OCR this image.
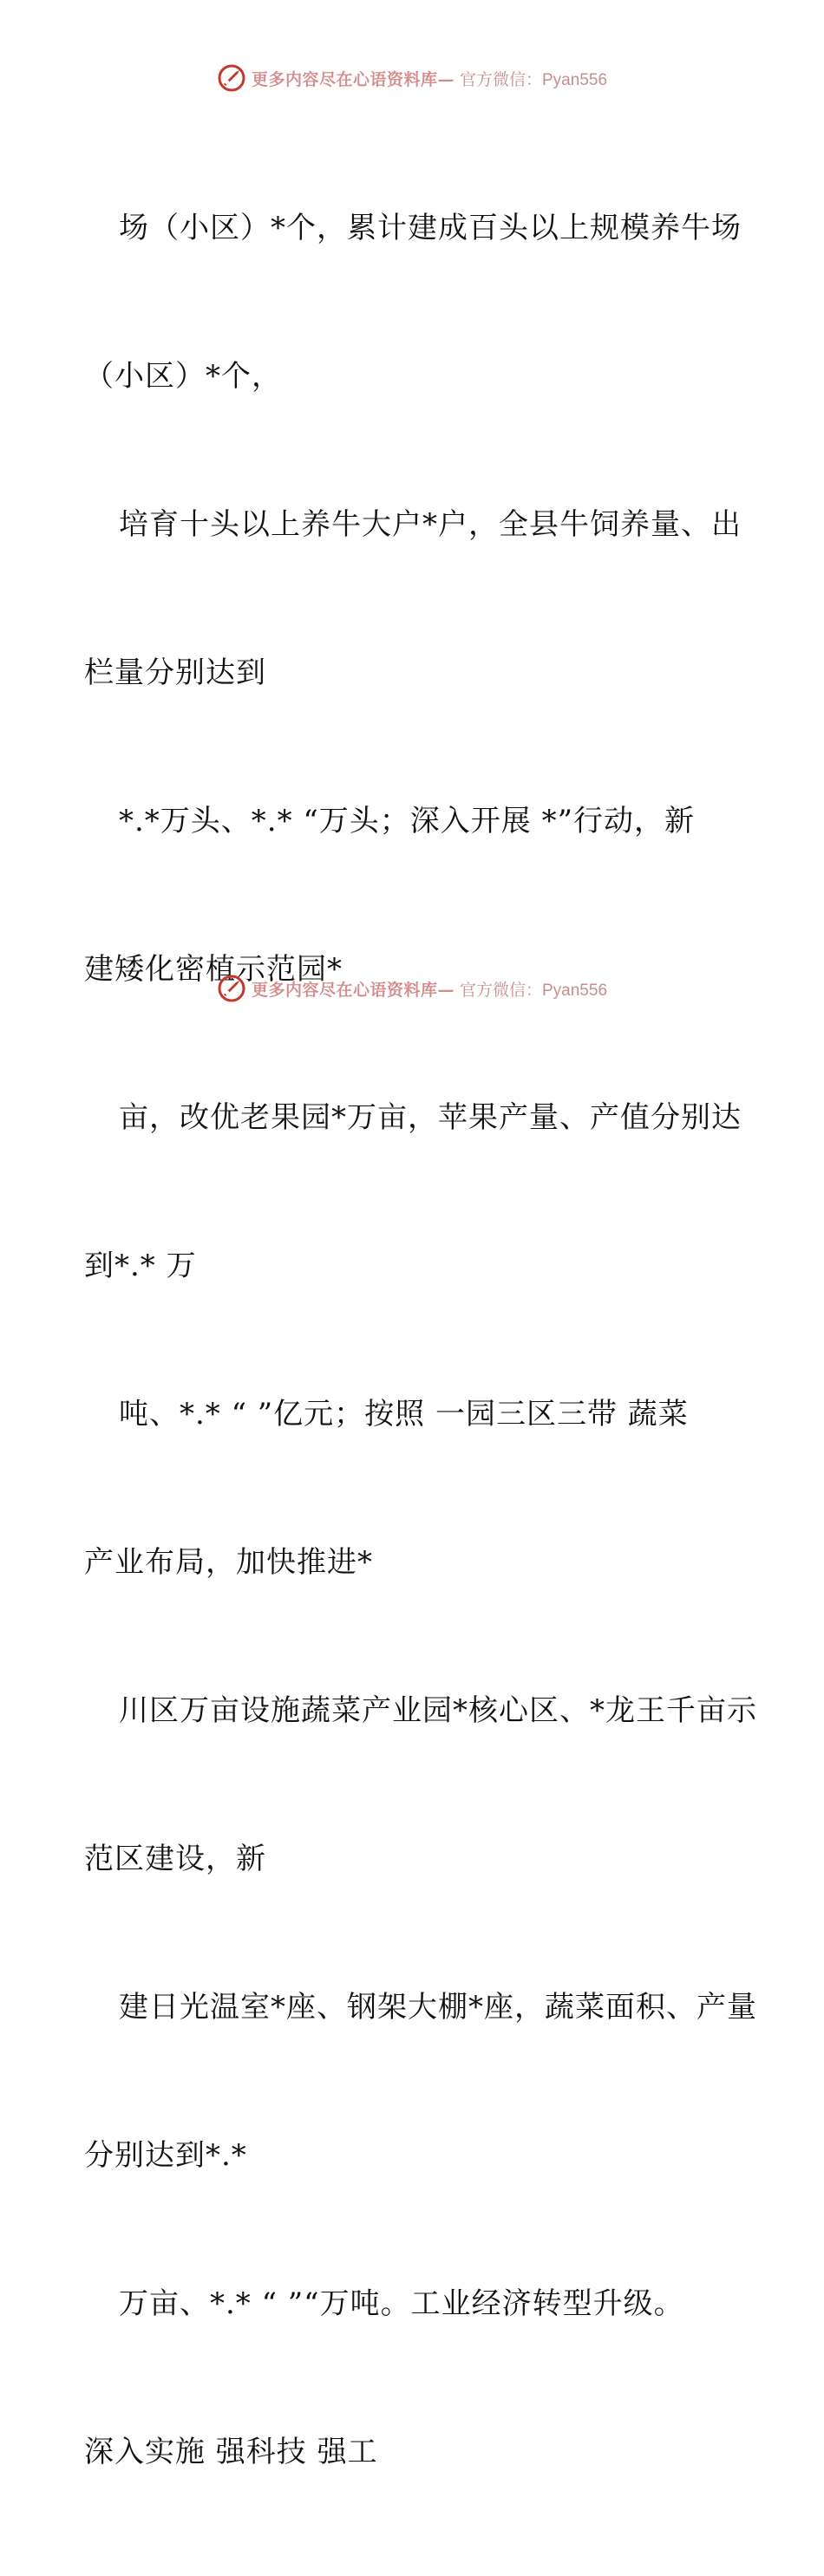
更多内容尽在心语资料库— 官方微信：Pyan556

场（小区）*个，累计建成百头以上规模养牛场

（小区）*个，

培育十头以上养牛大户*户，全县牛饲养量、出

栏量分别达到

*.*万头、*.* “万头；深入开展 *”行动，新

建矮化密植示范园*

亩，改优老果园*万亩，苹果产量、产值分别达

到*.* 万

吨、*.* “ ”亿元；按照 一园三区三带 蔬菜

产业布局，加快推进*

川区万亩设施蔬菜产业园*核心区、*龙王千亩示

范区建设，新

建日光温室*座、钢架大棚*座，蔬菜面积、产量

分别达到*.*

万亩、*.* “ ”“万吨。工业经济转型升级。

深入实施 强科技 强工

更多内容尽在心语资料库— 官方微信：Pyan556
